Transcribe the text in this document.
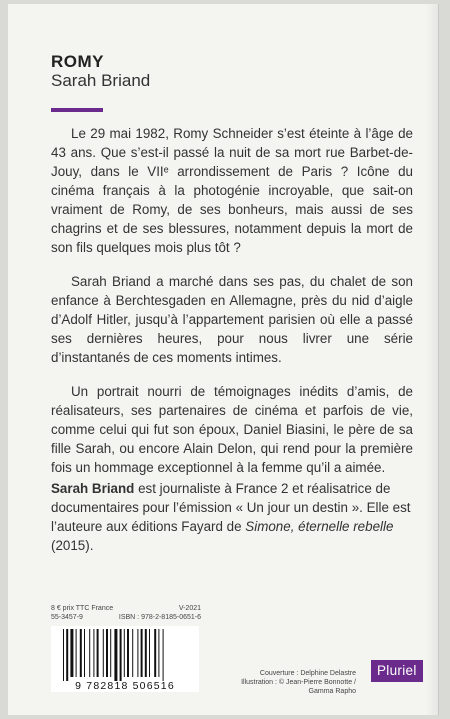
ROMY
Sarah Briand

Le 29 mai 1982, Romy Schneider s’est éteinte à l’âge de 43 ans. Que s’est-il passé la nuit de sa mort rue Barbet-de-Jouy, dans le VIIᵉ arrondissement de Paris ? Icône du cinéma français à la photogénie incroyable, que sait-on vraiment de Romy, de ses bonheurs, mais aussi de ses chagrins et de ses blessures, notamment depuis la mort de son fils quelques mois plus tôt ?

Sarah Briand a marché dans ses pas, du chalet de son enfance à Berchtesgaden en Allemagne, près du nid d’aigle d’Adolf Hitler, jusqu’à l’appartement parisien où elle a passé ses dernières heures, pour nous livrer une série d’instantanés de ces moments intimes.

Un portrait nourri de témoignages inédits d’amis, de réalisateurs, ses partenaires de cinéma et parfois de vie, comme celui qui fut son époux, Daniel Biasini, le père de sa fille Sarah, ou encore Alain Delon, qui rend pour la première fois un hommage exceptionnel à la femme qu’il a aimée.

Sarah Briand est journaliste à France 2 et réalisatrice de documentaires pour l’émission « Un jour un destin ». Elle est l’auteure aux éditions Fayard de Simone, éternelle rebelle (2015).

8 € prix TTC France	V-2021
55-3457-9	ISBN : 978-2-8185-0651-6
9 782818 506516
Couverture : Delphine Delastre
Illustration : © Jean-Pierre Bonnotte /
Gamma Rapho
Pluriel
